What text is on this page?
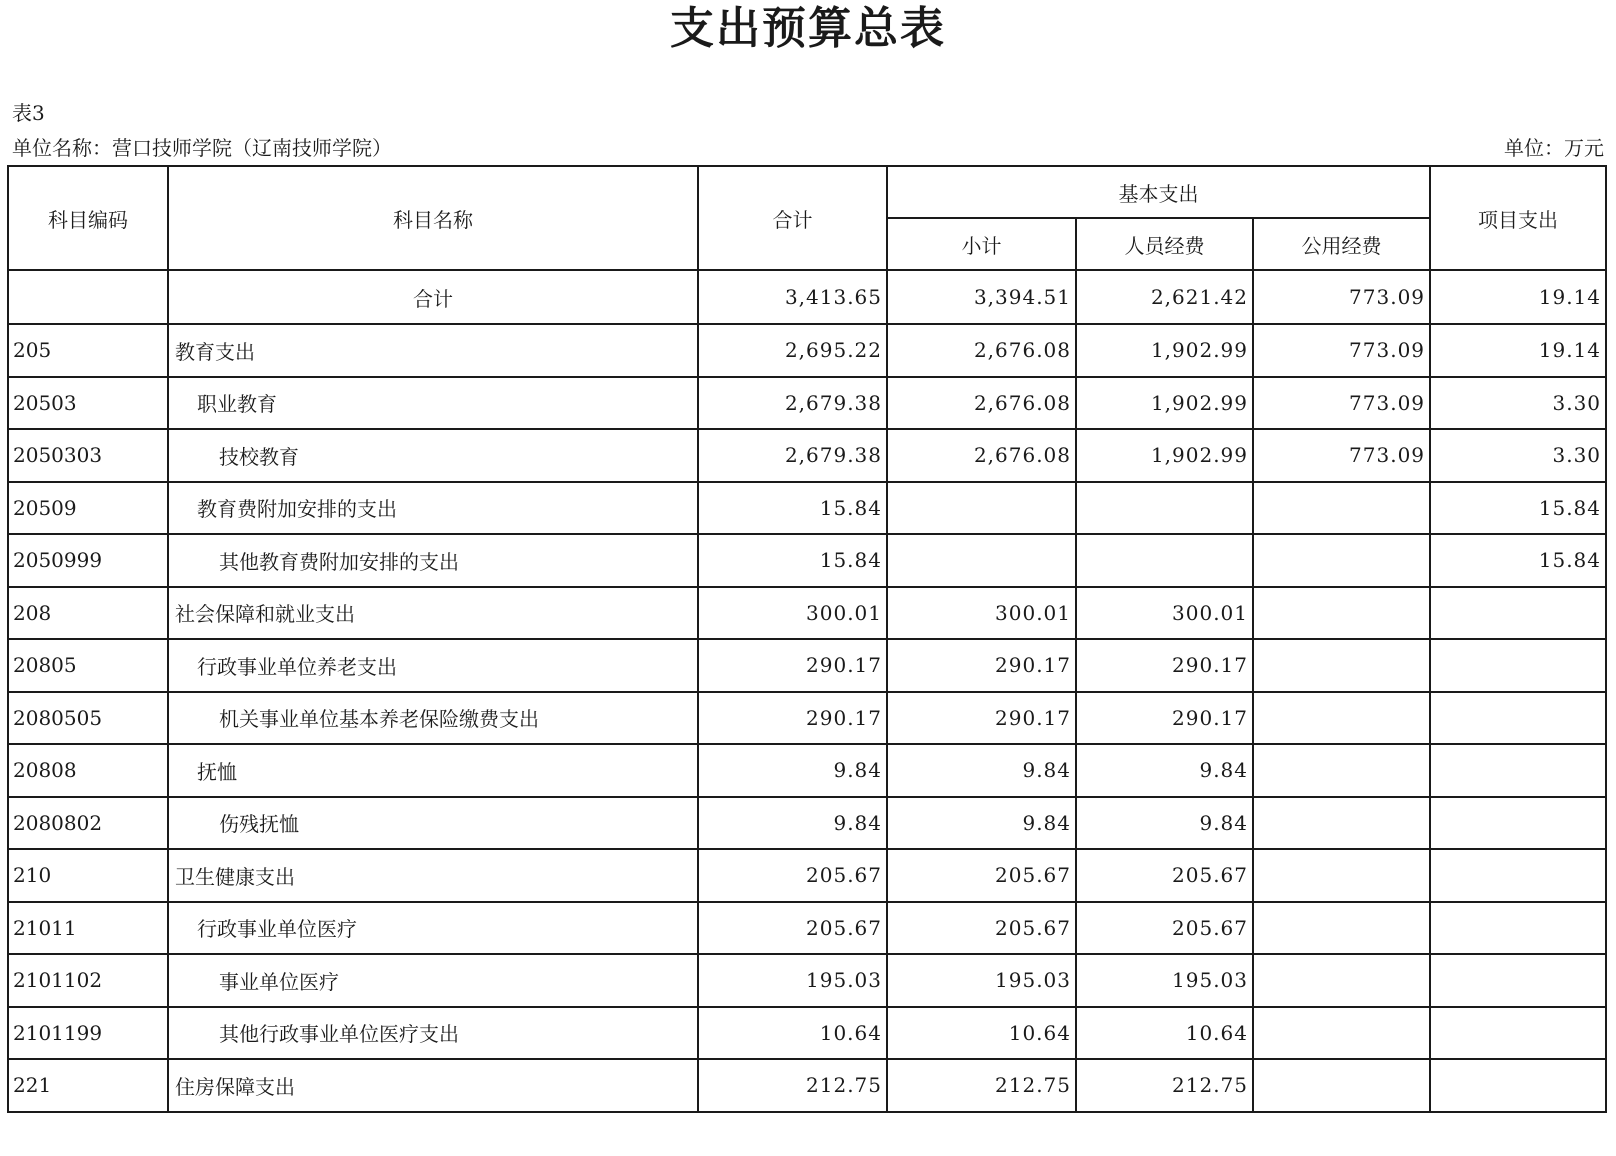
支出预算总表
表3
单位名称：营口技师学院（辽南技师学院）	单位：万元
科目编码	科目名称	合计	基本支出			项目支出
			小计	人员经费	公用经费	
	合计	3,413.65	3,394.51	2,621.42	773.09	19.14
205	教育支出	2,695.22	2,676.08	1,902.99	773.09	19.14
20503	职业教育	2,679.38	2,676.08	1,902.99	773.09	3.30
2050303	技校教育	2,679.38	2,676.08	1,902.99	773.09	3.30
20509	教育费附加安排的支出	15.84				15.84
2050999	其他教育费附加安排的支出	15.84				15.84
208	社会保障和就业支出	300.01	300.01	300.01		
20805	行政事业单位养老支出	290.17	290.17	290.17		
2080505	机关事业单位基本养老保险缴费支出	290.17	290.17	290.17		
20808	抚恤	9.84	9.84	9.84		
2080802	伤残抚恤	9.84	9.84	9.84		
210	卫生健康支出	205.67	205.67	205.67		
21011	行政事业单位医疗	205.67	205.67	205.67		
2101102	事业单位医疗	195.03	195.03	195.03		
2101199	其他行政事业单位医疗支出	10.64	10.64	10.64		
221	住房保障支出	212.75	212.75	212.75		
